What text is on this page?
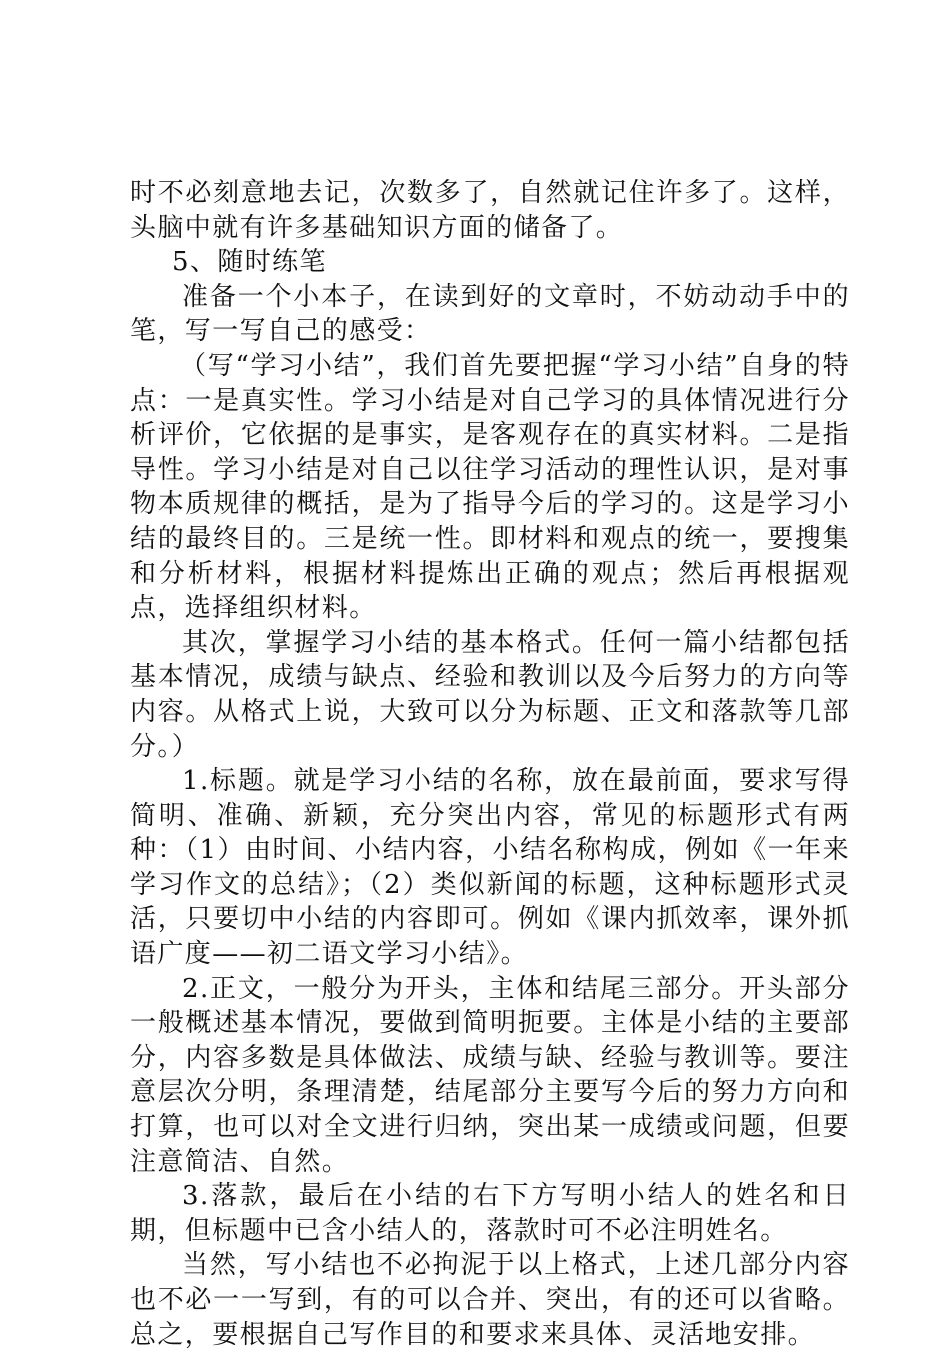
时不必刻意地去记，次数多了，自然就记住许多了。这样，头脑中就有许多基础知识方面的储备了。

5、随时练笔

准备一个小本子，在读到好的文章时，不妨动动手中的笔，写一写自己的感受：

（写“学习小结”，我们首先要把握“学习小结”自身的特点：一是真实性。学习小结是对自己学习的具体情况进行分析评价，它依据的是事实，是客观存在的真实材料。二是指导性。学习小结是对自己以往学习活动的理性认识，是对事物本质规律的概括，是为了指导今后的学习的。这是学习小结的最终目的。三是统一性。即材料和观点的统一，要搜集和分析材料，根据材料提炼出正确的观点；然后再根据观点，选择组织材料。

其次，掌握学习小结的基本格式。任何一篇小结都包括基本情况，成绩与缺点、经验和教训以及今后努力的方向等内容。从格式上说，大致可以分为标题、正文和落款等几部分。）

1.标题。就是学习小结的名称，放在最前面，要求写得简明、准确、新颖，充分突出内容，常见的标题形式有两种：（1）由时间、小结内容，小结名称构成，例如《一年来学习作文的总结》；（2）类似新闻的标题，这种标题形式灵活，只要切中小结的内容即可。例如《课内抓效率，课外抓语广度——初二语文学习小结》。

2.正文，一般分为开头，主体和结尾三部分。开头部分一般概述基本情况，要做到简明扼要。主体是小结的主要部分，内容多数是具体做法、成绩与缺、经验与教训等。要注意层次分明，条理清楚，结尾部分主要写今后的努力方向和打算，也可以对全文进行归纳，突出某一成绩或问题，但要注意简洁、自然。

3.落款，最后在小结的右下方写明小结人的姓名和日期，但标题中已含小结人的，落款时可不必注明姓名。

当然，写小结也不必拘泥于以上格式，上述几部分内容也不必一一写到，有的可以合并、突出，有的还可以省略。总之，要根据自己写作目的和要求来具体、灵活地安排。
